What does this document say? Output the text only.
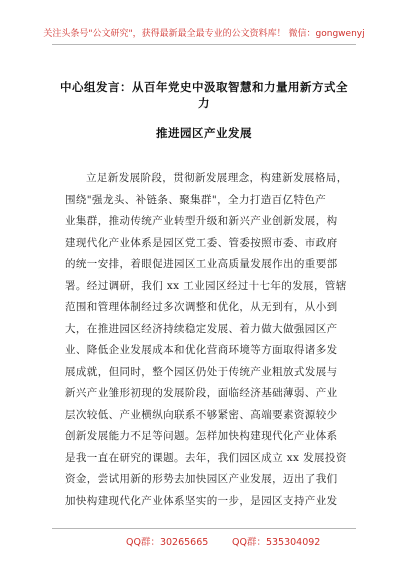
关注头条号"公文研究"，获得最新最全最专业的公文资料库！ 微信：gongwenyj
中心组发言：从百年党史中汲取智慧和力量用新方式全力
推进园区产业发展
立足新发展阶段，贯彻新发展理念，构建新发展格局，
围绕"强龙头、补链条、聚集群"，全力打造百亿特色产
业集群，推动传统产业转型升级和新兴产业创新发展，构
建现代化产业体系是园区党工委、管委按照市委、市政府
的统一安排，着眼促进园区工业高质量发展作出的重要部
署。经过调研，我们 xx 工业园区经过十七年的发展，管辖
范围和管理体制经过多次调整和优化，从无到有，从小到
大，在推进园区经济持续稳定发展、着力做大做强园区产
业、降低企业发展成本和优化营商环境等方面取得诸多发
展成就，但同时，整个园区仍处于传统产业粗放式发展与
新兴产业雏形初现的发展阶段，面临经济基础薄弱、产业
层次较低、产业横纵向联系不够紧密、高端要素资源较少
创新发展能力不足等问题。怎样加快构建现代化产业体系
是我一直在研究的课题。去年，我们园区成立 xx 发展投资
资金，尝试用新的形势去加快园区产业发展，迈出了我们
加快构建现代化产业体系坚实的一步，是园区支持产业发
QQ群：30265665 QQ群：535304092
